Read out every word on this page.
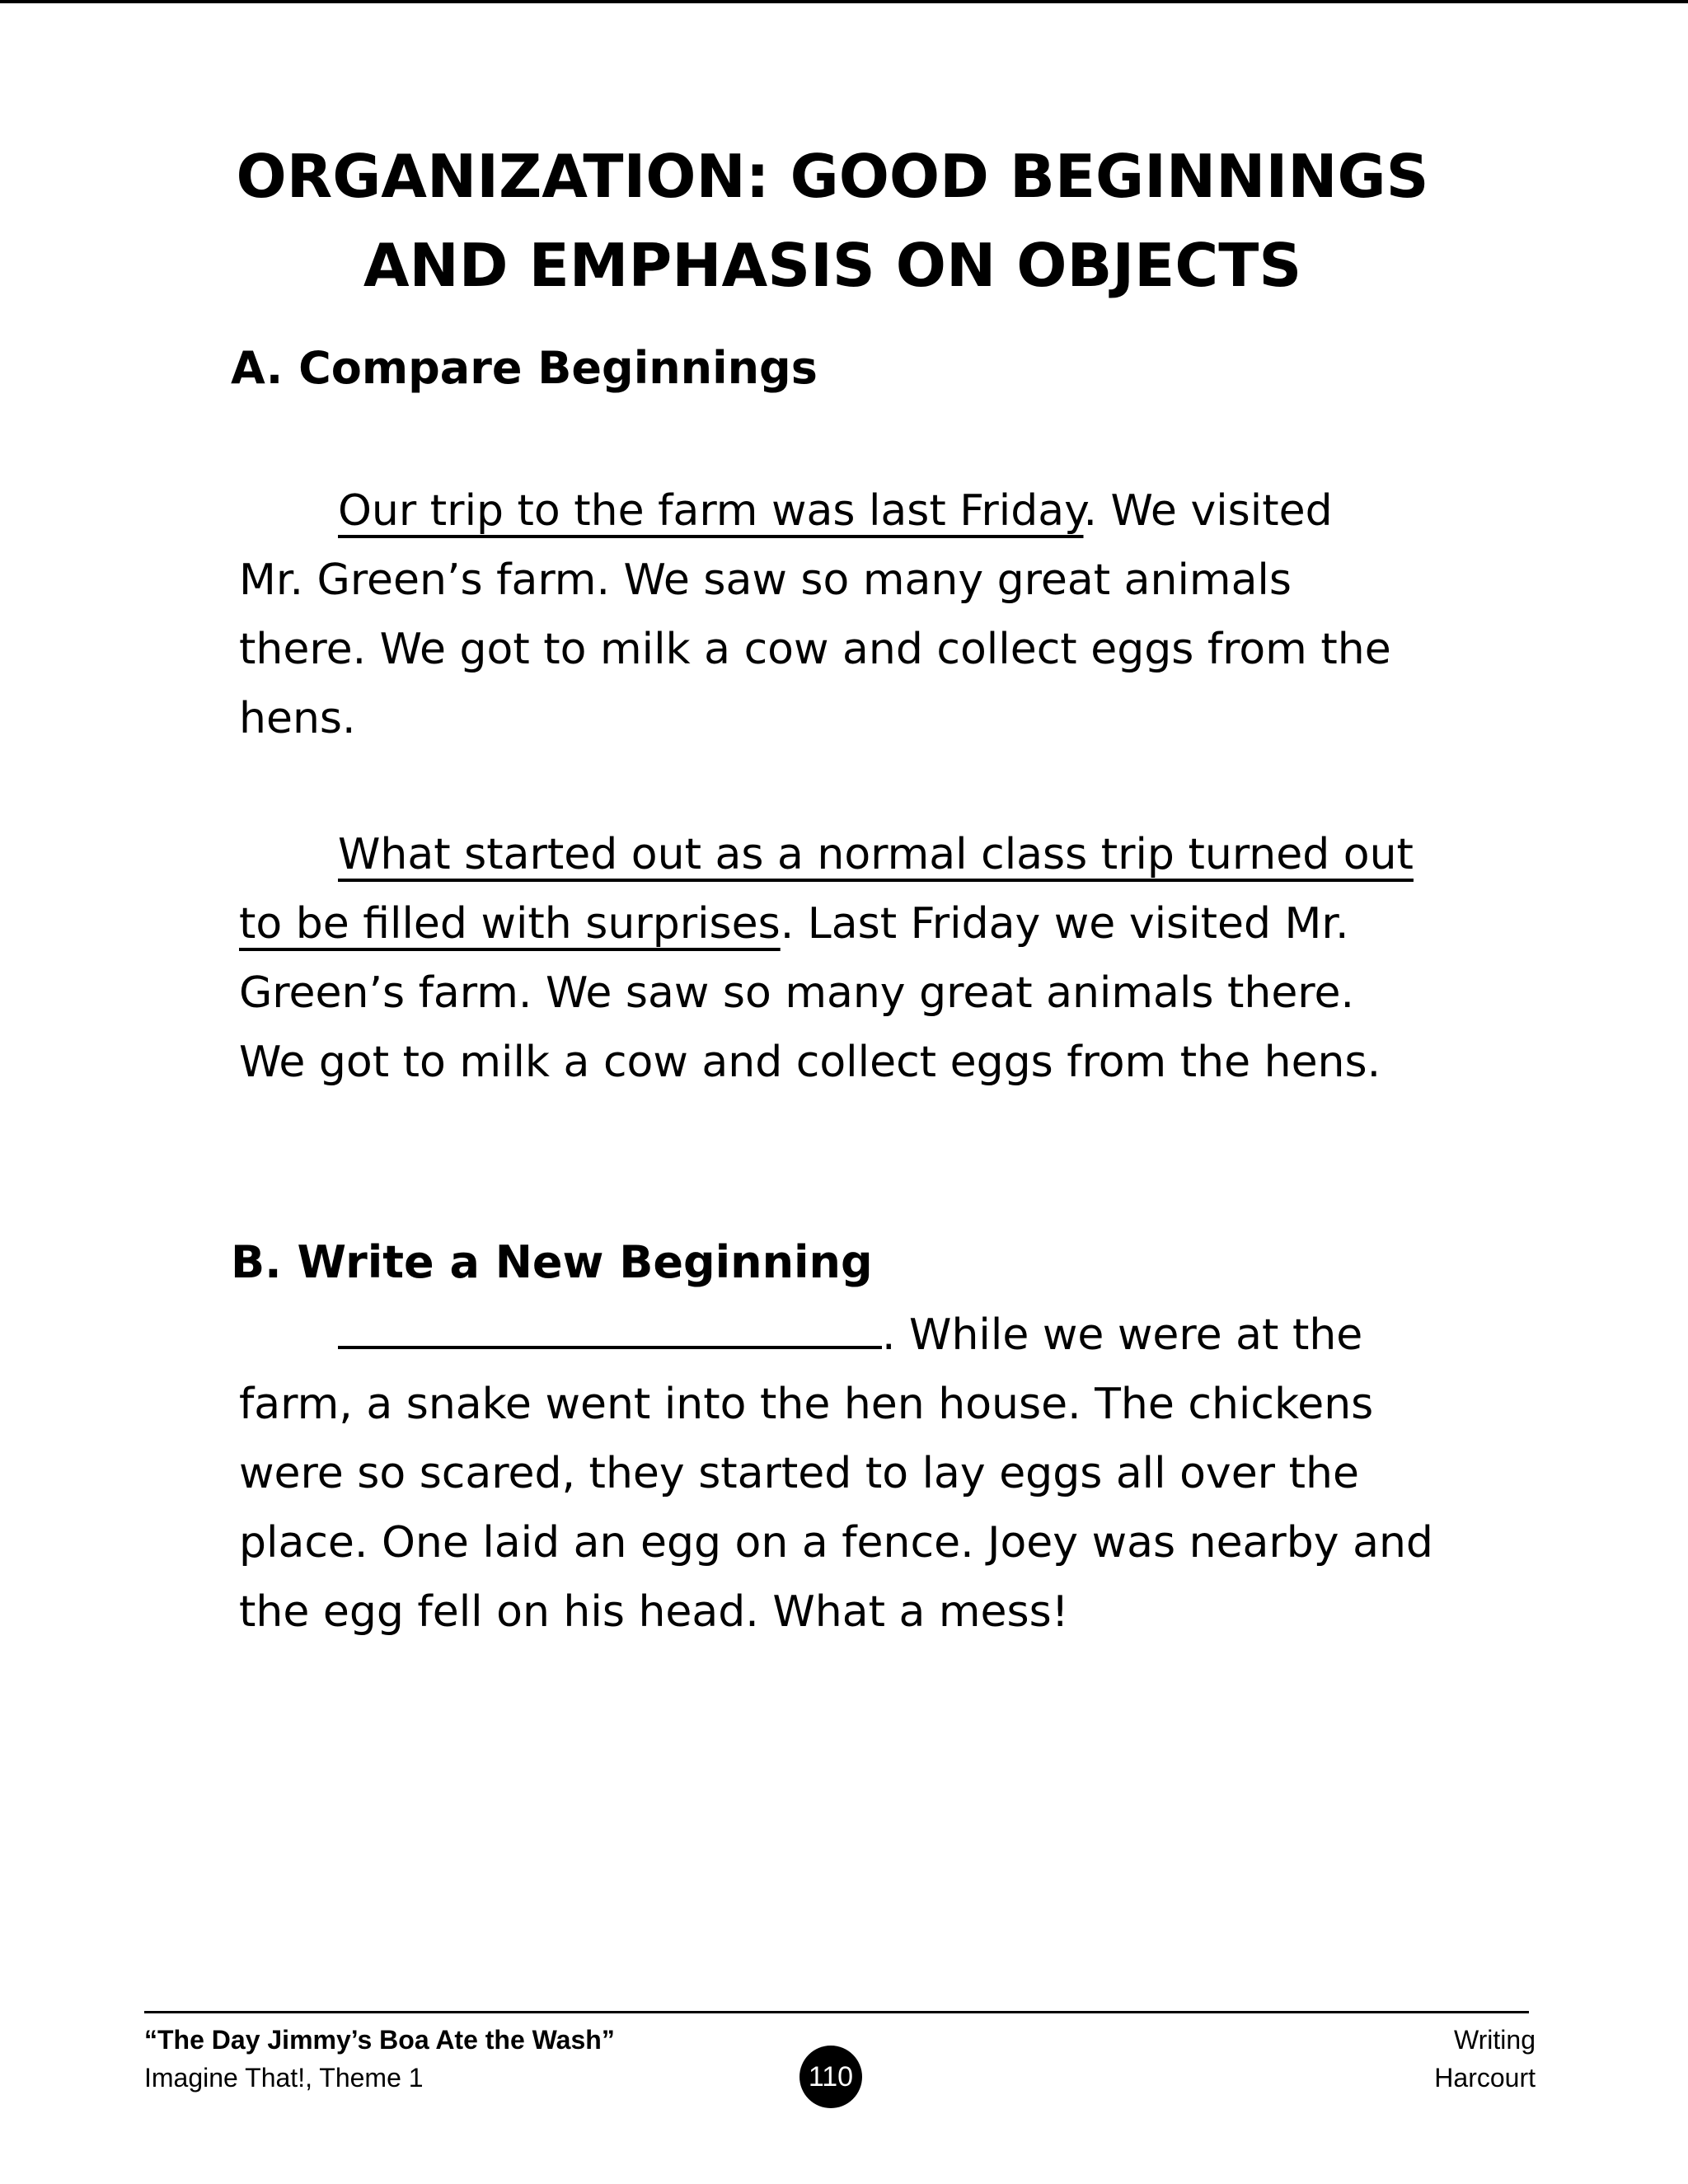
ORGANIZATION: GOOD BEGINNINGS
AND EMPHASIS ON OBJECTS
A. Compare Beginnings
Our trip to the farm was last Friday. We visited
Mr. Green’s farm. We saw so many great animals
there. We got to milk a cow and collect eggs from the
hens.
What started out as a normal class trip turned out
to be filled with surprises. Last Friday we visited Mr.
Green’s farm. We saw so many great animals there.
We got to milk a cow and collect eggs from the hens.
B. Write a New Beginning
. While we were at the
farm, a snake went into the hen house. The chickens
were so scared, they started to lay eggs all over the
place. One laid an egg on a fence. Joey was nearby and
the egg fell on his head. What a mess!
“The Day Jimmy’s Boa Ate the Wash”
Imagine That!, Theme 1	110
Writing
Harcourt
